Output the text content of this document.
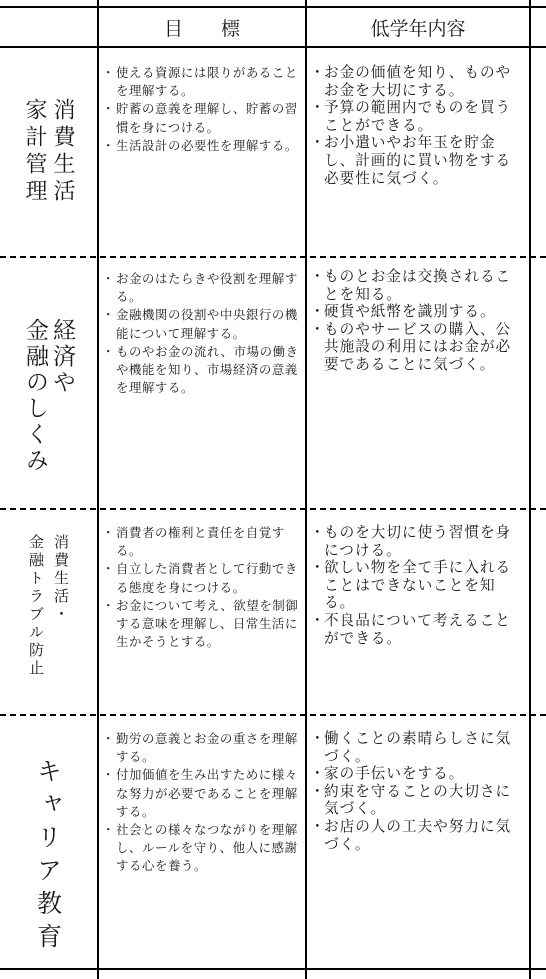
目　　標	低学年内容
消費生活
家計管理
・ 使える資源には限りがあることを理解する。
・ 貯蓄の意義を理解し、貯蓄の習慣を身につける。
・ 生活設計の必要性を理解する。
・ お金の価値を知り、ものやお金を大切にする。
・ 予算の範囲内でものを買うことができる。
・ お小遣いやお年玉を貯金し、計画的に買い物をする必要性に気づく。
経済や
金融のしくみ
・ お金のはたらきや役割を理解する。
・ 金融機関の役割や中央銀行の機能について理解する。
・ ものやお金の流れ、市場の働きや機能を知り、市場経済の意義を理解する。
・ ものとお金は交換されることを知る。
・ 硬貨や紙幣を識別する。
・ ものやサービスの購入、公共施設の利用にはお金が必要であることに気づく。
消費生活・
金融トラブル防止
・ 消費者の権利と責任を自覚する。
・ 自立した消費者として行動できる態度を身につける。
・ お金について考え、欲望を制御する意味を理解し、日常生活に生かそうとする。
・ ものを大切に使う習慣を身につける。
・ 欲しい物を全て手に入れることはできないことを知る。
・ 不良品について考えることができる。
キャリア教育
・ 勤労の意義とお金の重さを理解する。
・ 付加価値を生み出すために様々な努力が必要であることを理解する。
・ 社会との様々なつながりを理解し、ルールを守り、他人に感謝する心を養う。
・ 働くことの素晴らしさに気づく。
・ 家の手伝いをする。
・ 約束を守ることの大切さに気づく。
・ お店の人の工夫や努力に気づく。
